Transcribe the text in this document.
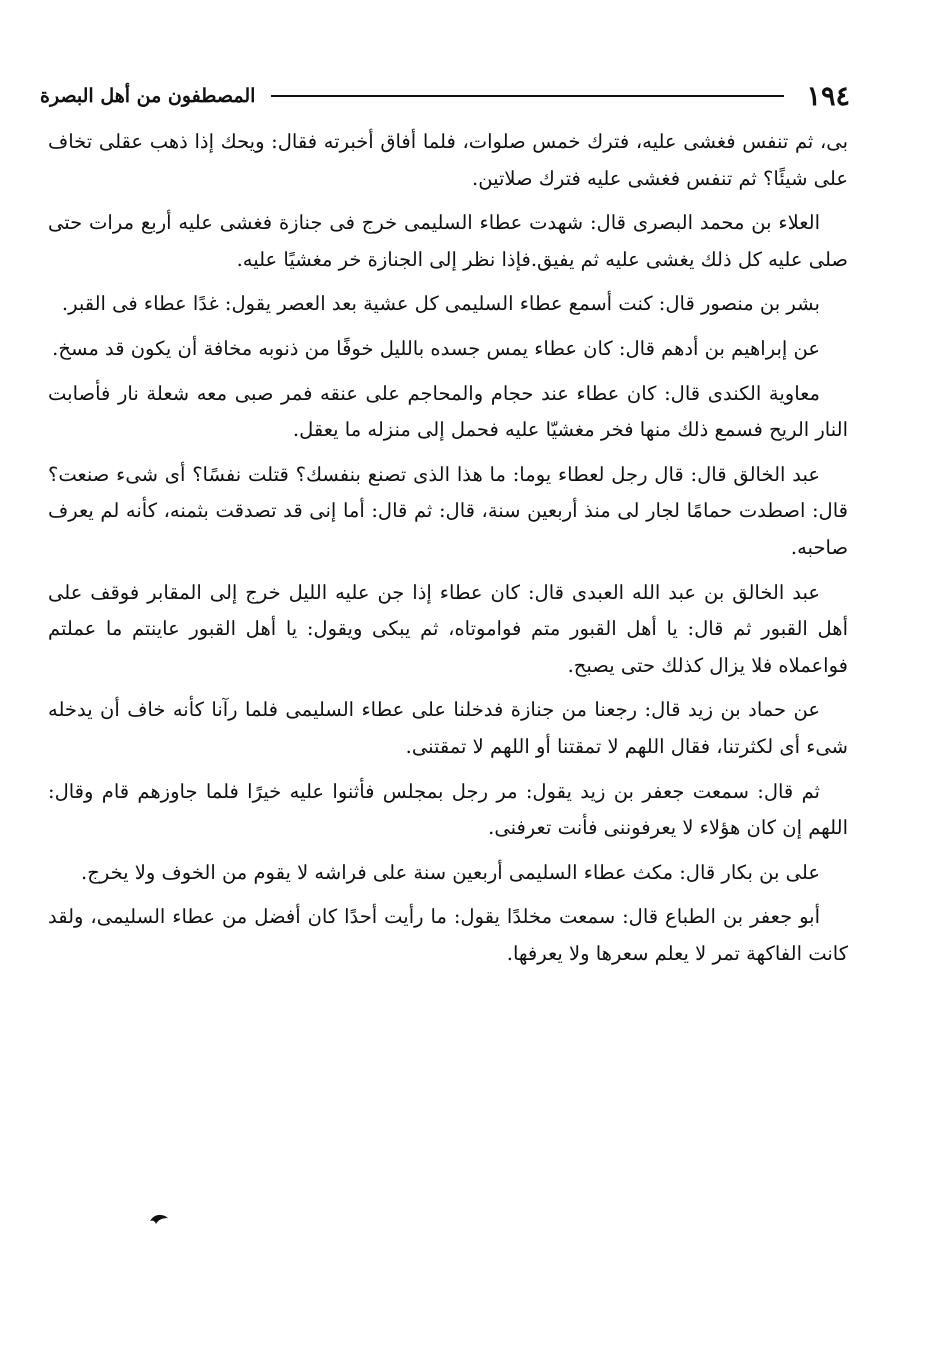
١٩٤
المصطفون من أهل البصرة

بى، ثم تنفس فغشى عليه، فترك خمس صلوات، فلما أفاق أخبرته فقال: ويحك إذا ذهب عقلى تخاف على شيئًا؟ ثم تنفس فغشى عليه فترك صلاتين.

العلاء بن محمد البصرى قال: شهدت عطاء السليمى خرج فى جنازة فغشى عليه أربع مرات حتى صلى عليه كل ذلك يغشى عليه ثم يفيق.فإذا نظر إلى الجنازة خر مغشيًا عليه.

بشر بن منصور قال: كنت أسمع عطاء السليمى كل عشية بعد العصر يقول: غدًا عطاء فى القبر.

عن إبراهيم بن أدهم قال: كان عطاء يمس جسده بالليل خوفًا من ذنوبه مخافة أن يكون قد مسخ.

معاوية الكندى قال: كان عطاء عند حجام والمحاجم على عنقه فمر صبى معه شعلة نار فأصابت النار الريح فسمع ذلك منها فخر مغشيّا عليه فحمل إلى منزله ما يعقل.

عبد الخالق قال: قال رجل لعطاء يوما: ما هذا الذى تصنع بنفسك؟ قتلت نفسًا؟ أى شىء صنعت؟ قال: اصطدت حمامًا لجار لى منذ أربعين سنة، قال: ثم قال: أما إنى قد تصدقت بثمنه، كأنه لم يعرف صاحبه.

عبد الخالق بن عبد الله العبدى قال: كان عطاء إذا جن عليه الليل خرج إلى المقابر فوقف على أهل القبور ثم قال: يا أهل القبور متم فواموتاه، ثم يبكى ويقول: يا أهل القبور عاينتم ما عملتم فواعملاه فلا يزال كذلك حتى يصبح.

عن حماد بن زيد قال: رجعنا من جنازة فدخلنا على عطاء السليمى فلما رآنا كأنه خاف أن يدخله شىء أى لكثرتنا، فقال اللهم لا تمقتنا أو اللهم لا تمقتنى.

ثم قال: سمعت جعفر بن زيد يقول: مر رجل بمجلس فأثنوا عليه خيرًا فلما جاوزهم قام وقال: اللهم إن كان هؤلاء لا يعرفوننى فأنت تعرفنى.

على بن بكار قال: مكث عطاء السليمى أربعين سنة على فراشه لا يقوم من الخوف ولا يخرج.

أبو جعفر بن الطباع قال: سمعت مخلدًا يقول: ما رأيت أحدًا كان أفضل من عطاء السليمى، ولقد كانت الفاكهة تمر لا يعلم سعرها ولا يعرفها.
